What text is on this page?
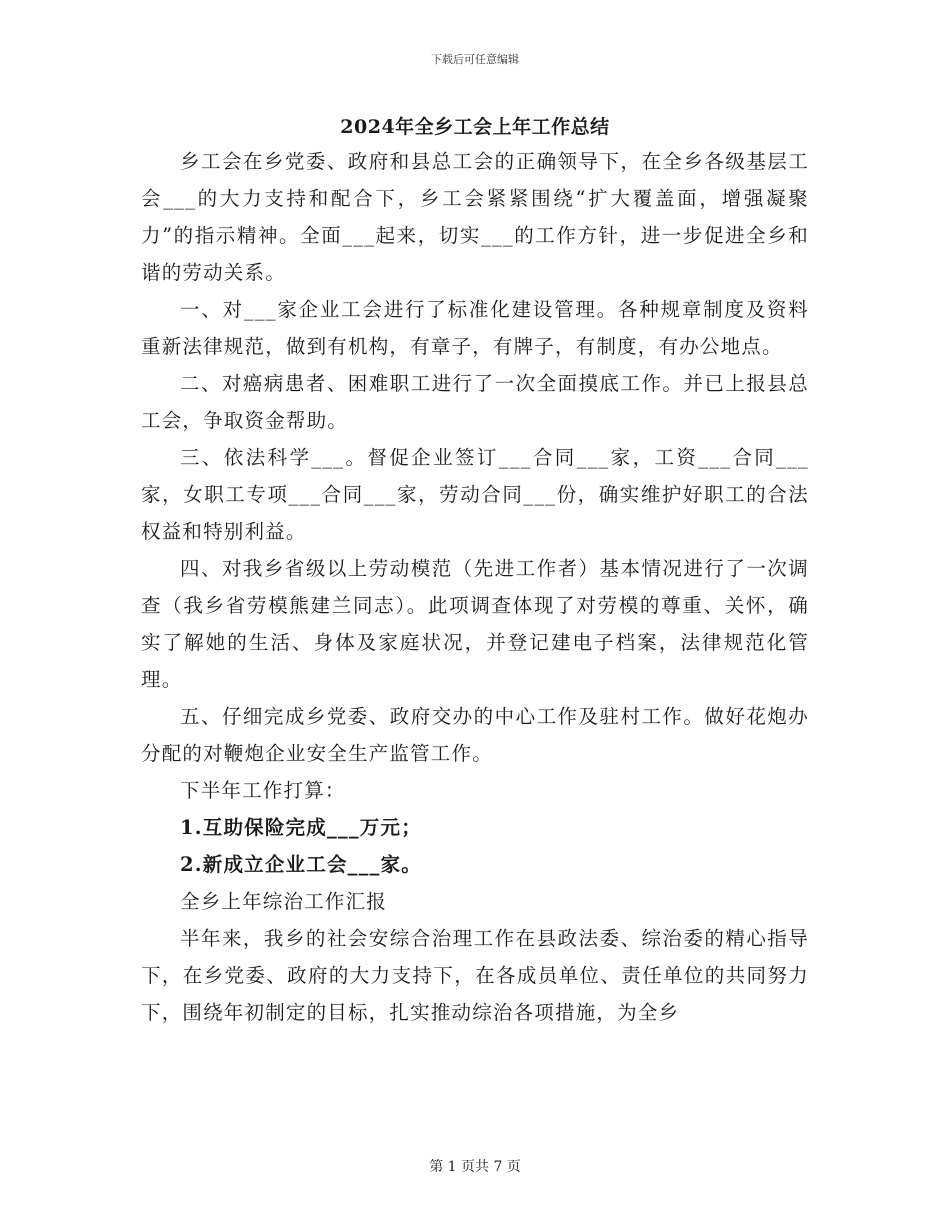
下载后可任意编辑
2024年全乡工会上年工作总结

乡工会在乡党委、政府和县总工会的正确领导下，在全乡各级基层工会___的大力支持和配合下，乡工会紧紧围绕“扩大覆盖面，增强凝聚力”的指示精神。全面___起来，切实___的工作方针，进一步促进全乡和谐的劳动关系。

一、对___家企业工会进行了标准化建设管理。各种规章制度及资料重新法律规范，做到有机构，有章子，有牌子，有制度，有办公地点。

二、对癌病患者、困难职工进行了一次全面摸底工作。并已上报县总工会，争取资金帮助。

三、依法科学___。督促企业签订___合同___家，工资___合同___家，女职工专项___合同___家，劳动合同___份，确实维护好职工的合法权益和特别利益。

四、对我乡省级以上劳动模范（先进工作者）基本情况进行了一次调查（我乡省劳模熊建兰同志）。此项调查体现了对劳模的尊重、关怀，确实了解她的生活、身体及家庭状况，并登记建电子档案，法律规范化管理。

五、仔细完成乡党委、政府交办的中心工作及驻村工作。做好花炮办分配的对鞭炮企业安全生产监管工作。

下半年工作打算：

1.互助保险完成___万元；

2.新成立企业工会___家。

全乡上年综治工作汇报

半年来，我乡的社会安综合治理工作在县政法委、综治委的精心指导下，在乡党委、政府的大力支持下，在各成员单位、责任单位的共同努力下，围绕年初制定的目标，扎实推动综治各项措施，为全乡

第 1 页共 7 页
